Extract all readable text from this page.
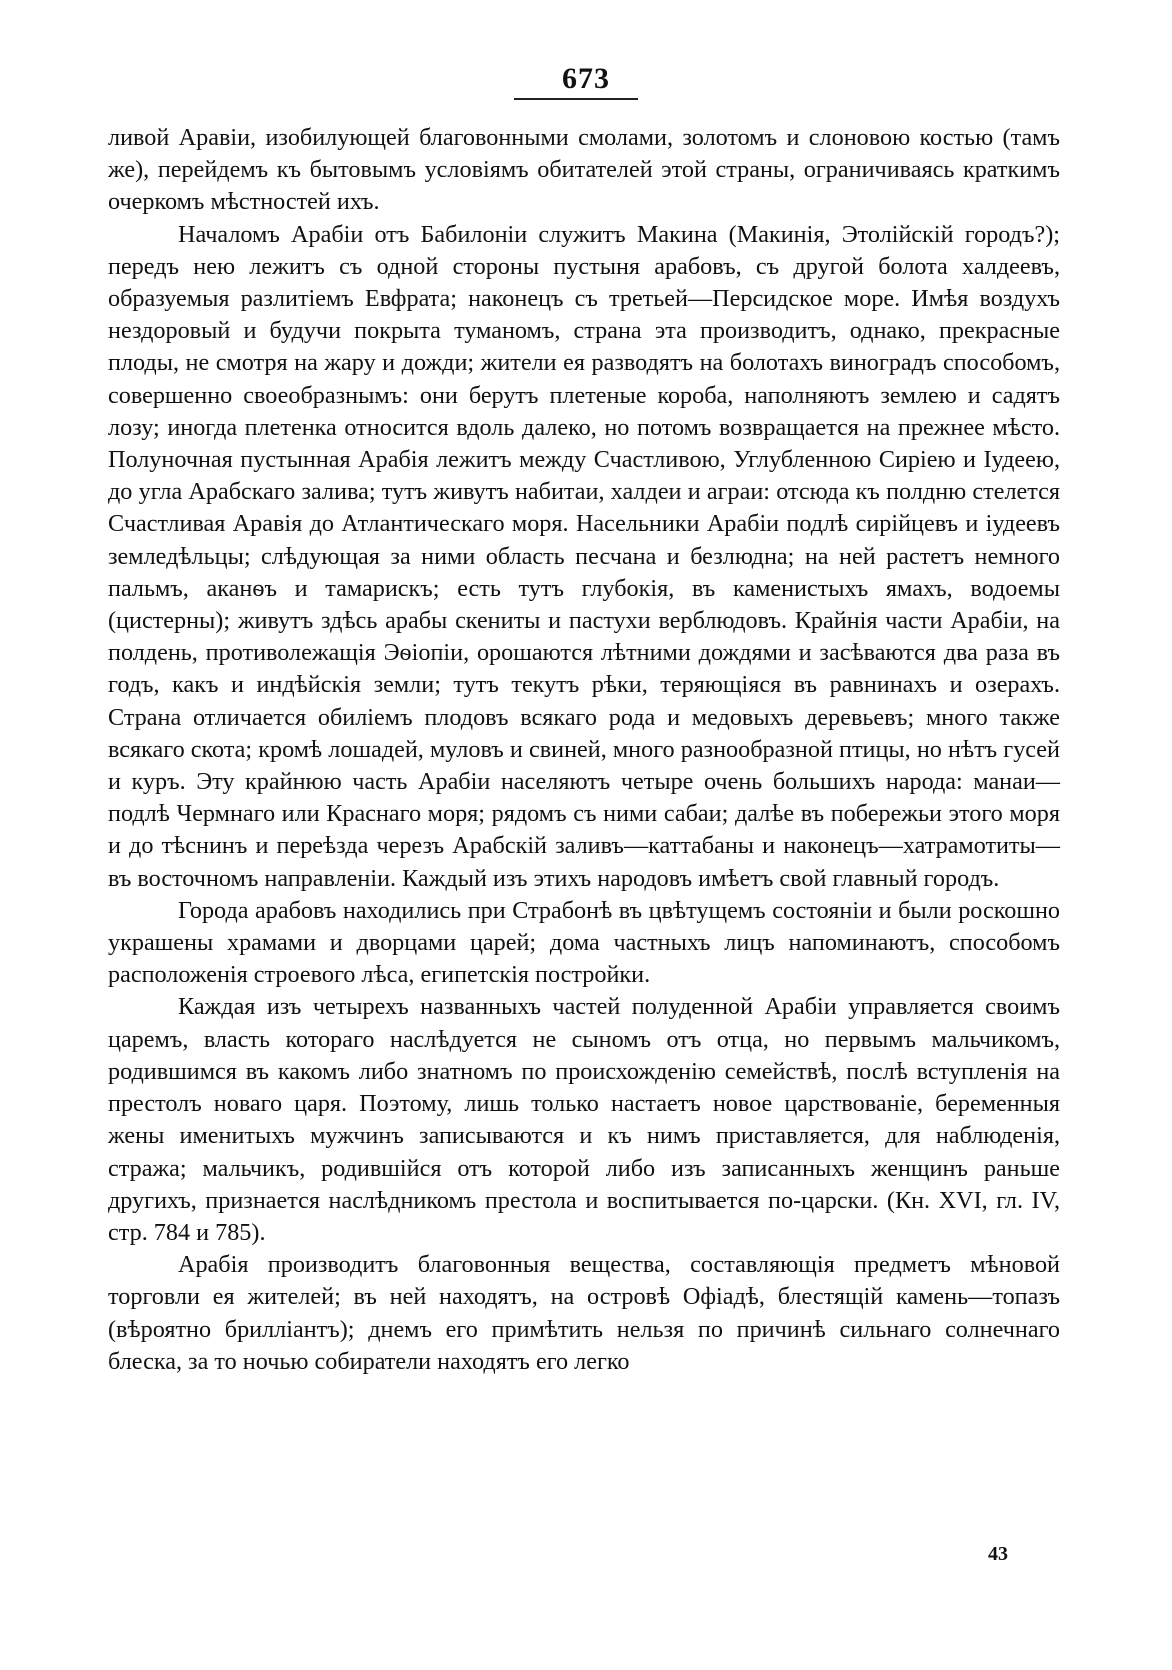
673

ливой Аравіи, изобилующей благовонными смолами, золотомъ и слоновою костью (тамъ же), перейдемъ къ бытовымъ условіямъ обитателей этой страны, ограничиваясь краткимъ очеркомъ мѣстностей ихъ.

Началомъ Арабіи отъ Бабилоніи служитъ Макина (Макинія, Этолійскій городъ?); передъ нею лежитъ съ одной стороны пустыня арабовъ, съ другой болота халдеевъ, образуемыя разлитіемъ Евфрата; наконецъ съ третьей—Персидское море. Имѣя воздухъ нездоровый и будучи покрыта туманомъ, страна эта производитъ, однако, прекрасные плоды, не смотря на жару и дожди; жители ея разводятъ на болотахъ виноградъ способомъ, совершенно своеобразнымъ: они берутъ плетеные короба, наполняютъ землею и садятъ лозу; иногда плетенка относится вдоль далеко, но потомъ возвращается на прежнее мѣсто. Полуночная пустынная Арабія лежитъ между Счастливою, Углубленною Сиріею и Іудеею, до угла Арабскаго залива; тутъ живутъ набитаи, халдеи и аграи: отсюда къ полдню стелется Счастливая Аравія до Атлантическаго моря. Насельники Арабіи подлѣ сирійцевъ и іудеевъ земледѣльцы; слѣдующая за ними область песчана и безлюдна; на ней растетъ немного пальмъ, аканѳъ и тамарискъ; есть тутъ глубокія, въ каменистыхъ ямахъ, водоемы (цистерны); живутъ здѣсь арабы скениты и пастухи верблюдовъ. Крайнія части Арабіи, на полдень, противолежащія Эѳіопіи, орошаются лѣтними дождями и засѣваются два раза въ годъ, какъ и индѣйскія земли; тутъ текутъ рѣки, теряющіяся въ равнинахъ и озерахъ. Страна отличается обиліемъ плодовъ всякаго рода и медовыхъ деревьевъ; много также всякаго скота; кромѣ лошадей, муловъ и свиней, много разнообразной птицы, но нѣтъ гусей и куръ. Эту крайнюю часть Арабіи населяютъ четыре очень большихъ народа: манаи—подлѣ Чермнаго или Краснаго моря; рядомъ съ ними сабаи; далѣе въ побережьи этого моря и до тѣснинъ и переѣзда черезъ Арабскій заливъ—каттабаны и наконецъ—хатрамотиты—въ восточномъ направленіи. Каждый изъ этихъ народовъ имѣетъ свой главный городъ.

Города арабовъ находились при Страбонѣ въ цвѣтущемъ состояніи и были роскошно украшены храмами и дворцами царей; дома частныхъ лицъ напоминаютъ, способомъ расположенія строевого лѣса, египетскія постройки.

Каждая изъ четырехъ названныхъ частей полуденной Арабіи управляется своимъ царемъ, власть котораго наслѣдуется не сыномъ отъ отца, но первымъ мальчикомъ, родившимся въ какомъ либо знатномъ по происхожденію семействѣ, послѣ вступленія на престолъ новаго царя. Поэтому, лишь только настаетъ новое царствованіе, беременныя жены именитыхъ мужчинъ записываются и къ нимъ приставляется, для наблюденія, стража; мальчикъ, родившійся отъ которой либо изъ записанныхъ женщинъ раньше другихъ, признается наслѣдникомъ престола и воспитывается по-царски. (Кн. XVI, гл. IV, стр. 784 и 785).

Арабія производитъ благовонныя вещества, составляющія предметъ мѣновой торговли ея жителей; въ ней находятъ, на островѣ Офіадѣ, блестящій камень—топазъ (вѣроятно брилліантъ); днемъ его примѣтить нельзя по причинѣ сильнаго солнечнаго блеска, за то ночью собиратели находятъ его легко

43
